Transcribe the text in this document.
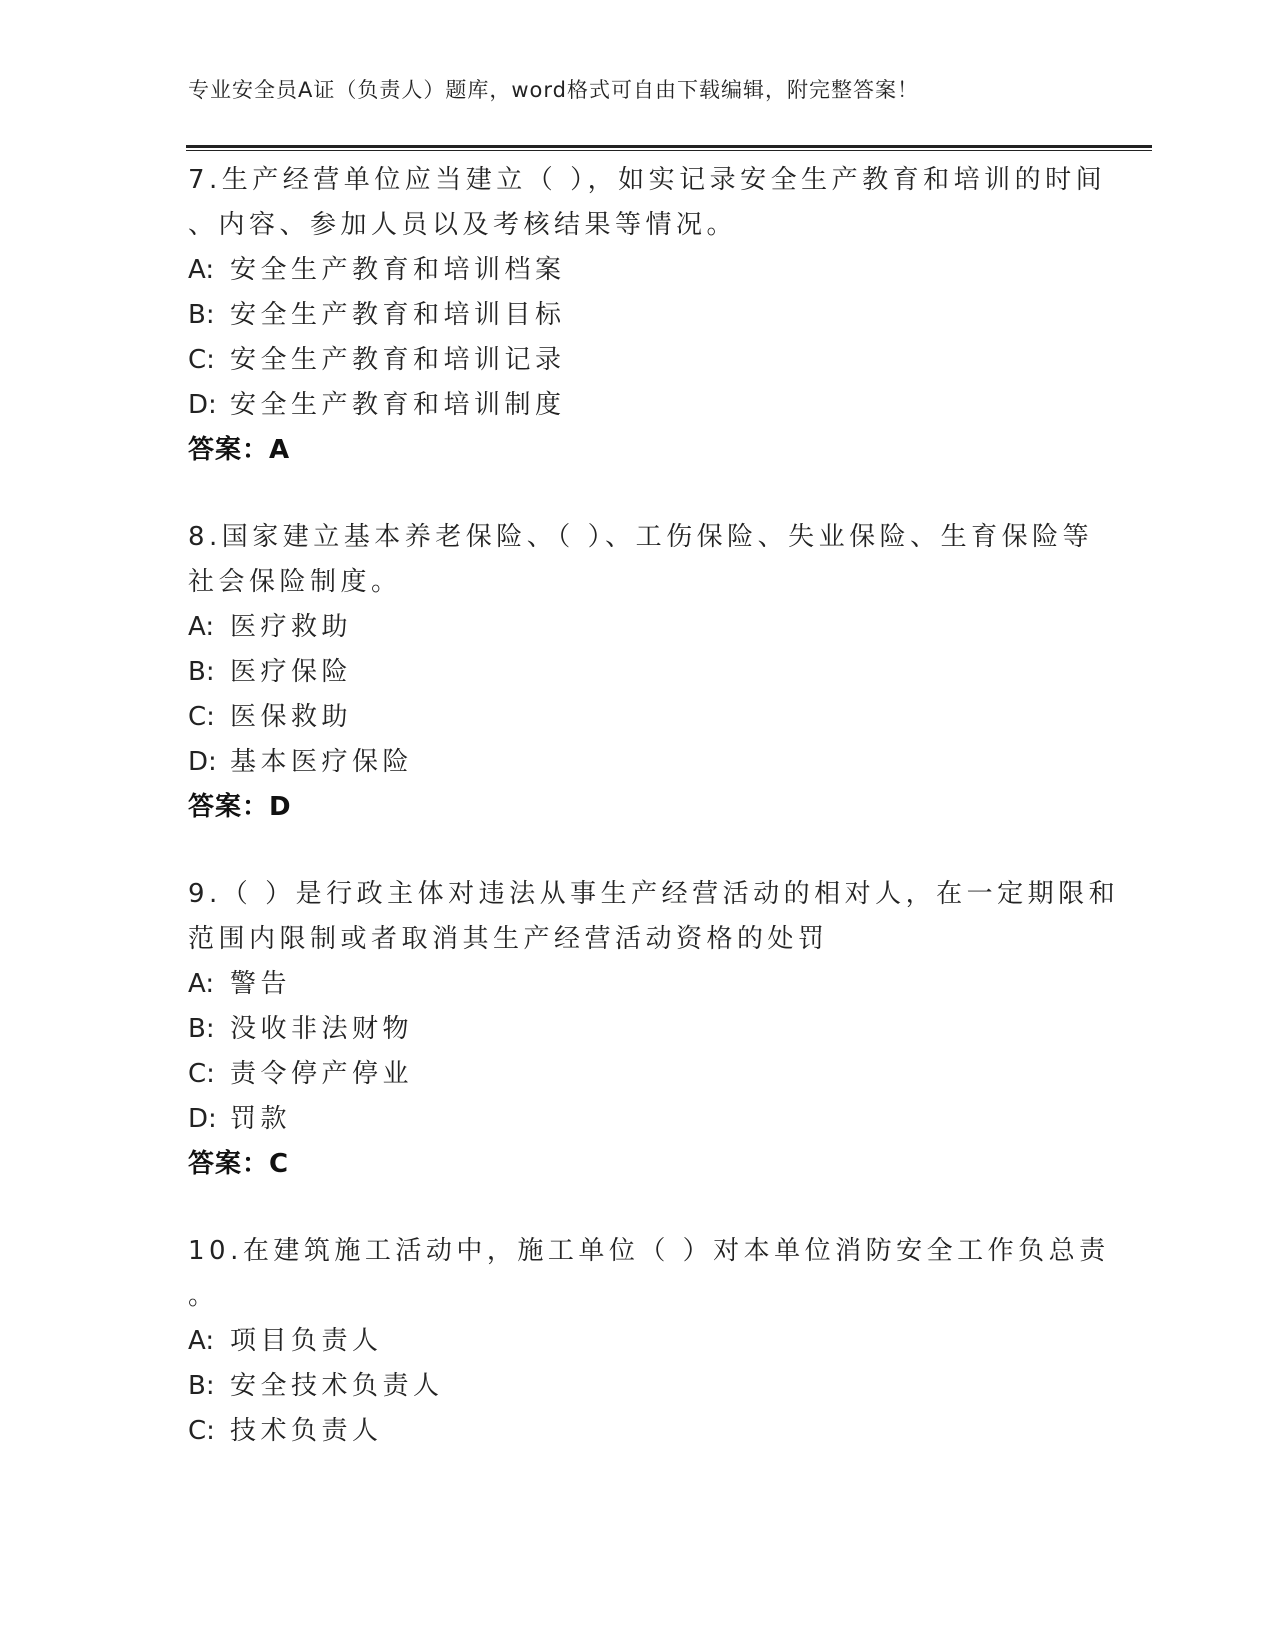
专业安全员A证（负责人）题库，word格式可自由下载编辑，附完整答案！
7.生产经营单位应当建立（ ），如实记录安全生产教育和培训的时间
、内容、参加人员以及考核结果等情况。
A: 安全生产教育和培训档案
B: 安全生产教育和培训目标
C: 安全生产教育和培训记录
D: 安全生产教育和培训制度
答案：A
8.国家建立基本养老保险、（ ）、工伤保险、失业保险、生育保险等
社会保险制度。
A: 医疗救助
B: 医疗保险
C: 医保救助
D: 基本医疗保险
答案：D
9.（ ）是行政主体对违法从事生产经营活动的相对人，在一定期限和
范围内限制或者取消其生产经营活动资格的处罚
A: 警告
B: 没收非法财物
C: 责令停产停业
D: 罚款
答案：C
10.在建筑施工活动中，施工单位（ ）对本单位消防安全工作负总责
。
A: 项目负责人
B: 安全技术负责人
C: 技术负责人
